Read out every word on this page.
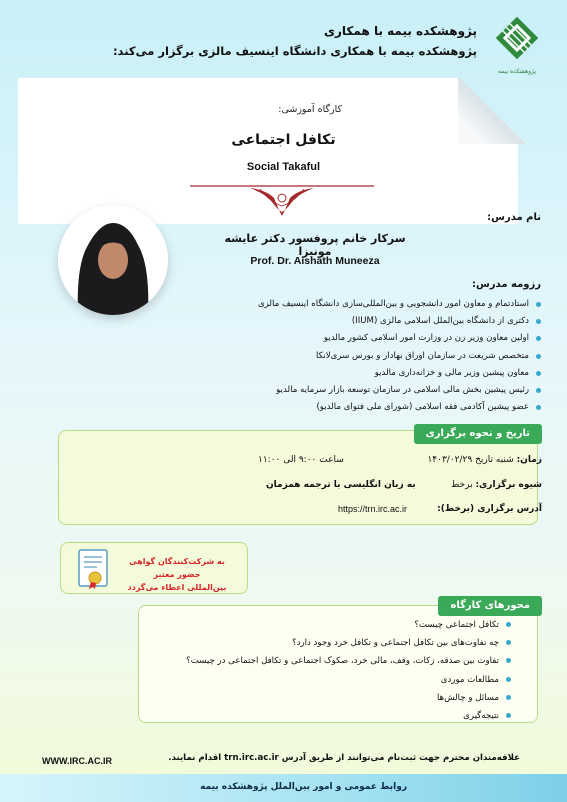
پژوهشکده بیمه
پژوهشکده بیمه با همکاری
پژوهشکده بیمه با همکاری دانشگاه اینسیف مالزی برگزار می‌کند:
کارگاه آموزشی:
تکافل اجتماعی
Social Takaful
نام مدرس:
سرکار خانم پروفسور دکتر عایشه مونیزا
Prof. Dr. Aishath Muneeza
رزومه مدرس:
استادتمام و معاون امور دانشجویی و بین‌المللی‌سازی دانشگاه اینسیف مالزی
دکتری از دانشگاه بین‌الملل اسلامی مالزی (IIUM)
اولین معاون وزیر زن در وزارت امور اسلامی کشور مالدیو
متخصص شریعت در سازمان اوراق بهادار و بورس سری‌لانکا
معاون پیشین وزیر مالی و خزانه‌داری مالدیو
رئیس پیشین بخش مالی اسلامی در سازمان توسعه بازار سرمایه مالدیو
عضو پیشین آکادمی فقه اسلامی (شورای ملی فتوای مالدیو)
تاریخ و نحوه برگزاری
زمان: شنبه تاریخ ۱۴۰۳/۰۲/۲۹
ساعت ۹:۰۰ الی ۱۱:۰۰
شیوه برگزاری: برخط
به زبان انگلیسی با ترجمه همزمان
آدرس برگزاری (برخط):
https://trn.irc.ac.ir
به شرکت‌کنندگان گواهی حضور معتبر
بین‌المللی اعطاء می‌گردد
محورهای کارگاه
تکافل اجتماعی چیست؟
چه تفاوت‌های بین تکافل اجتماعی و تکافل خرد وجود دارد؟
تفاوت بین صدقه، زکات، وقف، مالی خرد، صکوک اجتماعی و تکافل اجتماعی در چیست؟
مطالعات موردی
مسائل و چالش‌ها
نتیجه‌گیری
علاقه‌مندان محترم جهت ثبت‌نام می‌توانند از طریق آدرس trn.irc.ac.ir اقدام نمایند.
WWW.IRC.AC.IR
روابط عمومی و امور بین‌الملل پژوهشکده بیمه
